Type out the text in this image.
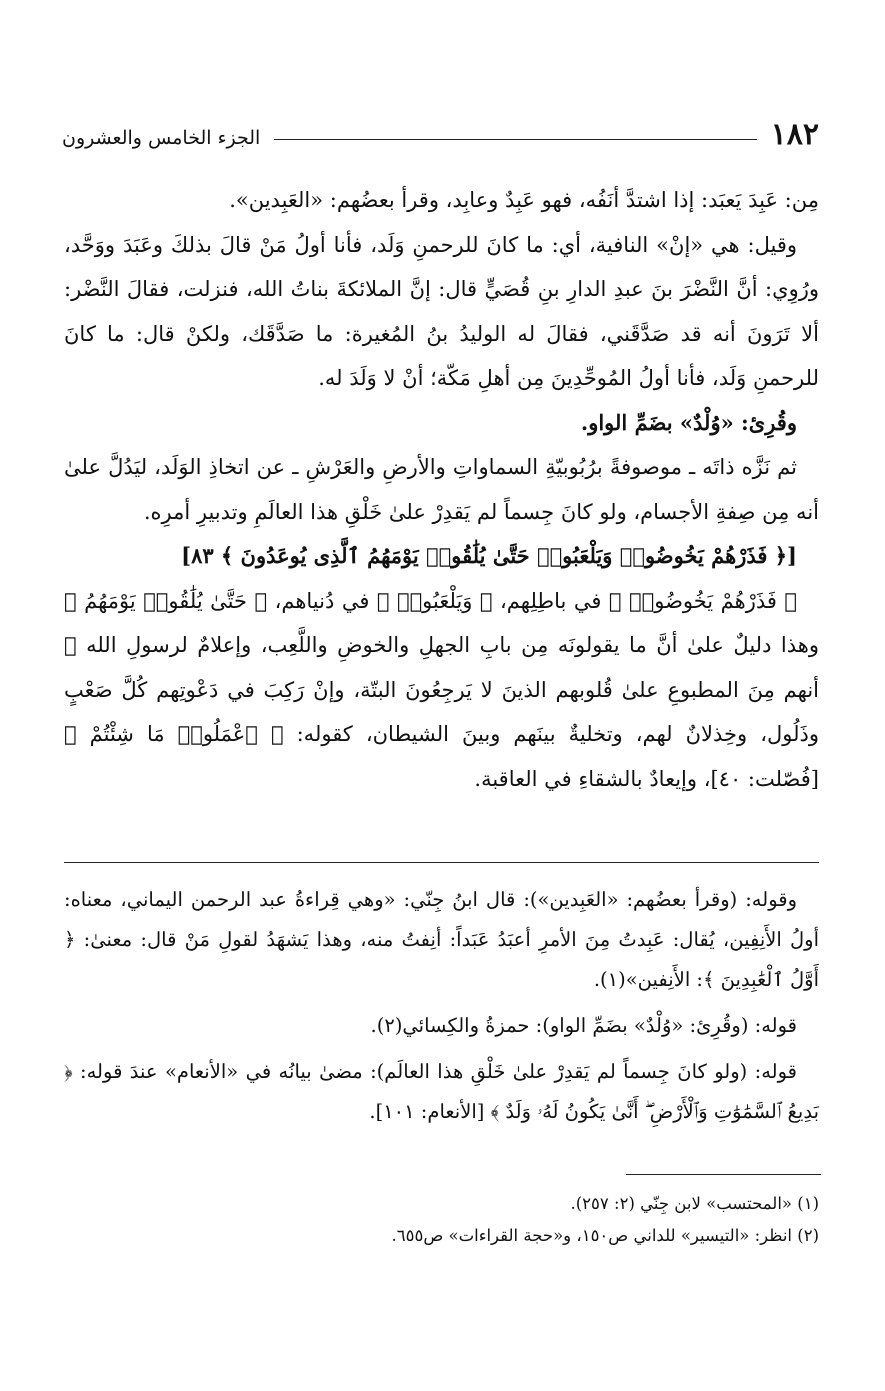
١٨٢
الجزء الخامس والعشرون

مِن: عَبِدَ يَعبَد: إذا اشتدَّ أنَفُه، فهو عَبِدٌ وعابِد، وقرأ بعضُهم: «العَبِدين».

وقيل: هي «إنْ» النافية، أي: ما كانَ للرحمنِ وَلَد، فأنا أولُ مَنْ قالَ بذلكَ وعَبَدَ ووَحَّد، ورُوِي: أنَّ النَّضْرَ بنَ عبدِ الدارِ بنِ قُصَيٍّ قال: إنَّ الملائكةَ بناتُ الله، فنزلت، فقالَ النَّضْر: ألا تَرَونَ أنه قد صَدَّقَني، فقالَ له الوليدُ بنُ المُغيرة: ما صَدَّقَك، ولكنْ قال: ما كانَ للرحمنِ وَلَد، فأنا أولُ المُوحِّدِينَ مِن أهلِ مَكّة؛ أنْ لا وَلَدَ له.

وقُرِئ: «وُلْدٌ» بضَمِّ الواو.

ثم نَزَّه ذاتَه ـ موصوفةً برُبُوبيّةِ السماواتِ والأرضِ والعَرْشِ ـ عن اتخاذِ الوَلَد، ليَدُلَّ علىٰ أنه مِن صِفةِ الأجسام، ولو كانَ جِسماً لم يَقدِرْ علىٰ خَلْقِ هذا العالَمِ وتدبيرِ أمرِه.

[﴿ فَذَرْهُمْ يَخُوضُوا۟ وَيَلْعَبُوا۟ حَتَّىٰ يُلَٰقُوا۟ يَوْمَهُمُ ٱلَّذِى يُوعَدُونَ ﴾ ٨٣]

﴿ فَذَرْهُمْ يَخُوضُوا۟ ﴾ في باطِلِهم، ﴿ وَيَلْعَبُوا۟ ﴾ في دُنياهم، ﴿ حَتَّىٰ يُلَٰقُوا۟ يَوْمَهُمُ ﴾ وهذا دليلٌ علىٰ أنَّ ما يقولونَه مِن بابِ الجهلِ والخوضِ واللَّعِب، وإعلامٌ لرسولِ الله ﷺ أنهم مِنَ المطبوعِ علىٰ قُلوبهم الذينَ لا يَرجِعُونَ البتّة، وإنْ رَكِبَ في دَعْوتِهم كُلَّ صَعْبٍ وذَلُول، وخِذلانٌ لهم، وتخليةٌ بينَهم وبينَ الشيطان، كقوله: ﴿ ٱعْمَلُوا۟ مَا شِئْتُمْ ﴾ [فُصّلت: ٤٠]، وإيعادٌ بالشقاءِ في العاقبة.

وقوله: (وقرأ بعضُهم: «العَبِدين»): قال ابنُ جِنّي: «وهي قِراءةُ عبد الرحمن اليماني، معناه: أولُ الأَنِفِين، يُقال: عَبِدتُ مِنَ الأمرِ أعبَدُ عَبَداً: أنِفتُ منه، وهذا يَشهَدُ لقولِ مَنْ قال: معنىٰ: ﴿ أَوَّلُ ٱلْعَٰبِدِينَ ﴾: الأَنِفين»(١).

قوله: (وقُرِئ: «وُلْدٌ» بضَمِّ الواو): حمزةُ والكِسائي(٢).

قوله: (ولو كانَ جِسماً لم يَقدِرْ علىٰ خَلْقِ هذا العالَم): مضىٰ بيانُه في «الأنعام» عندَ قوله: ﴿ بَدِيعُ ٱلسَّمَٰوَٰتِ وَٱلْأَرْضِ ۖ أَنَّىٰ يَكُونُ لَهُۥ وَلَدٌ ﴾ [الأنعام: ١٠١].

(١) «المحتسب» لابن جِنّي (٢: ٢٥٧).

(٢) انظر: «التيسير» للداني ص١٥٠، و«حجة القراءات» ص٦٥٥.
